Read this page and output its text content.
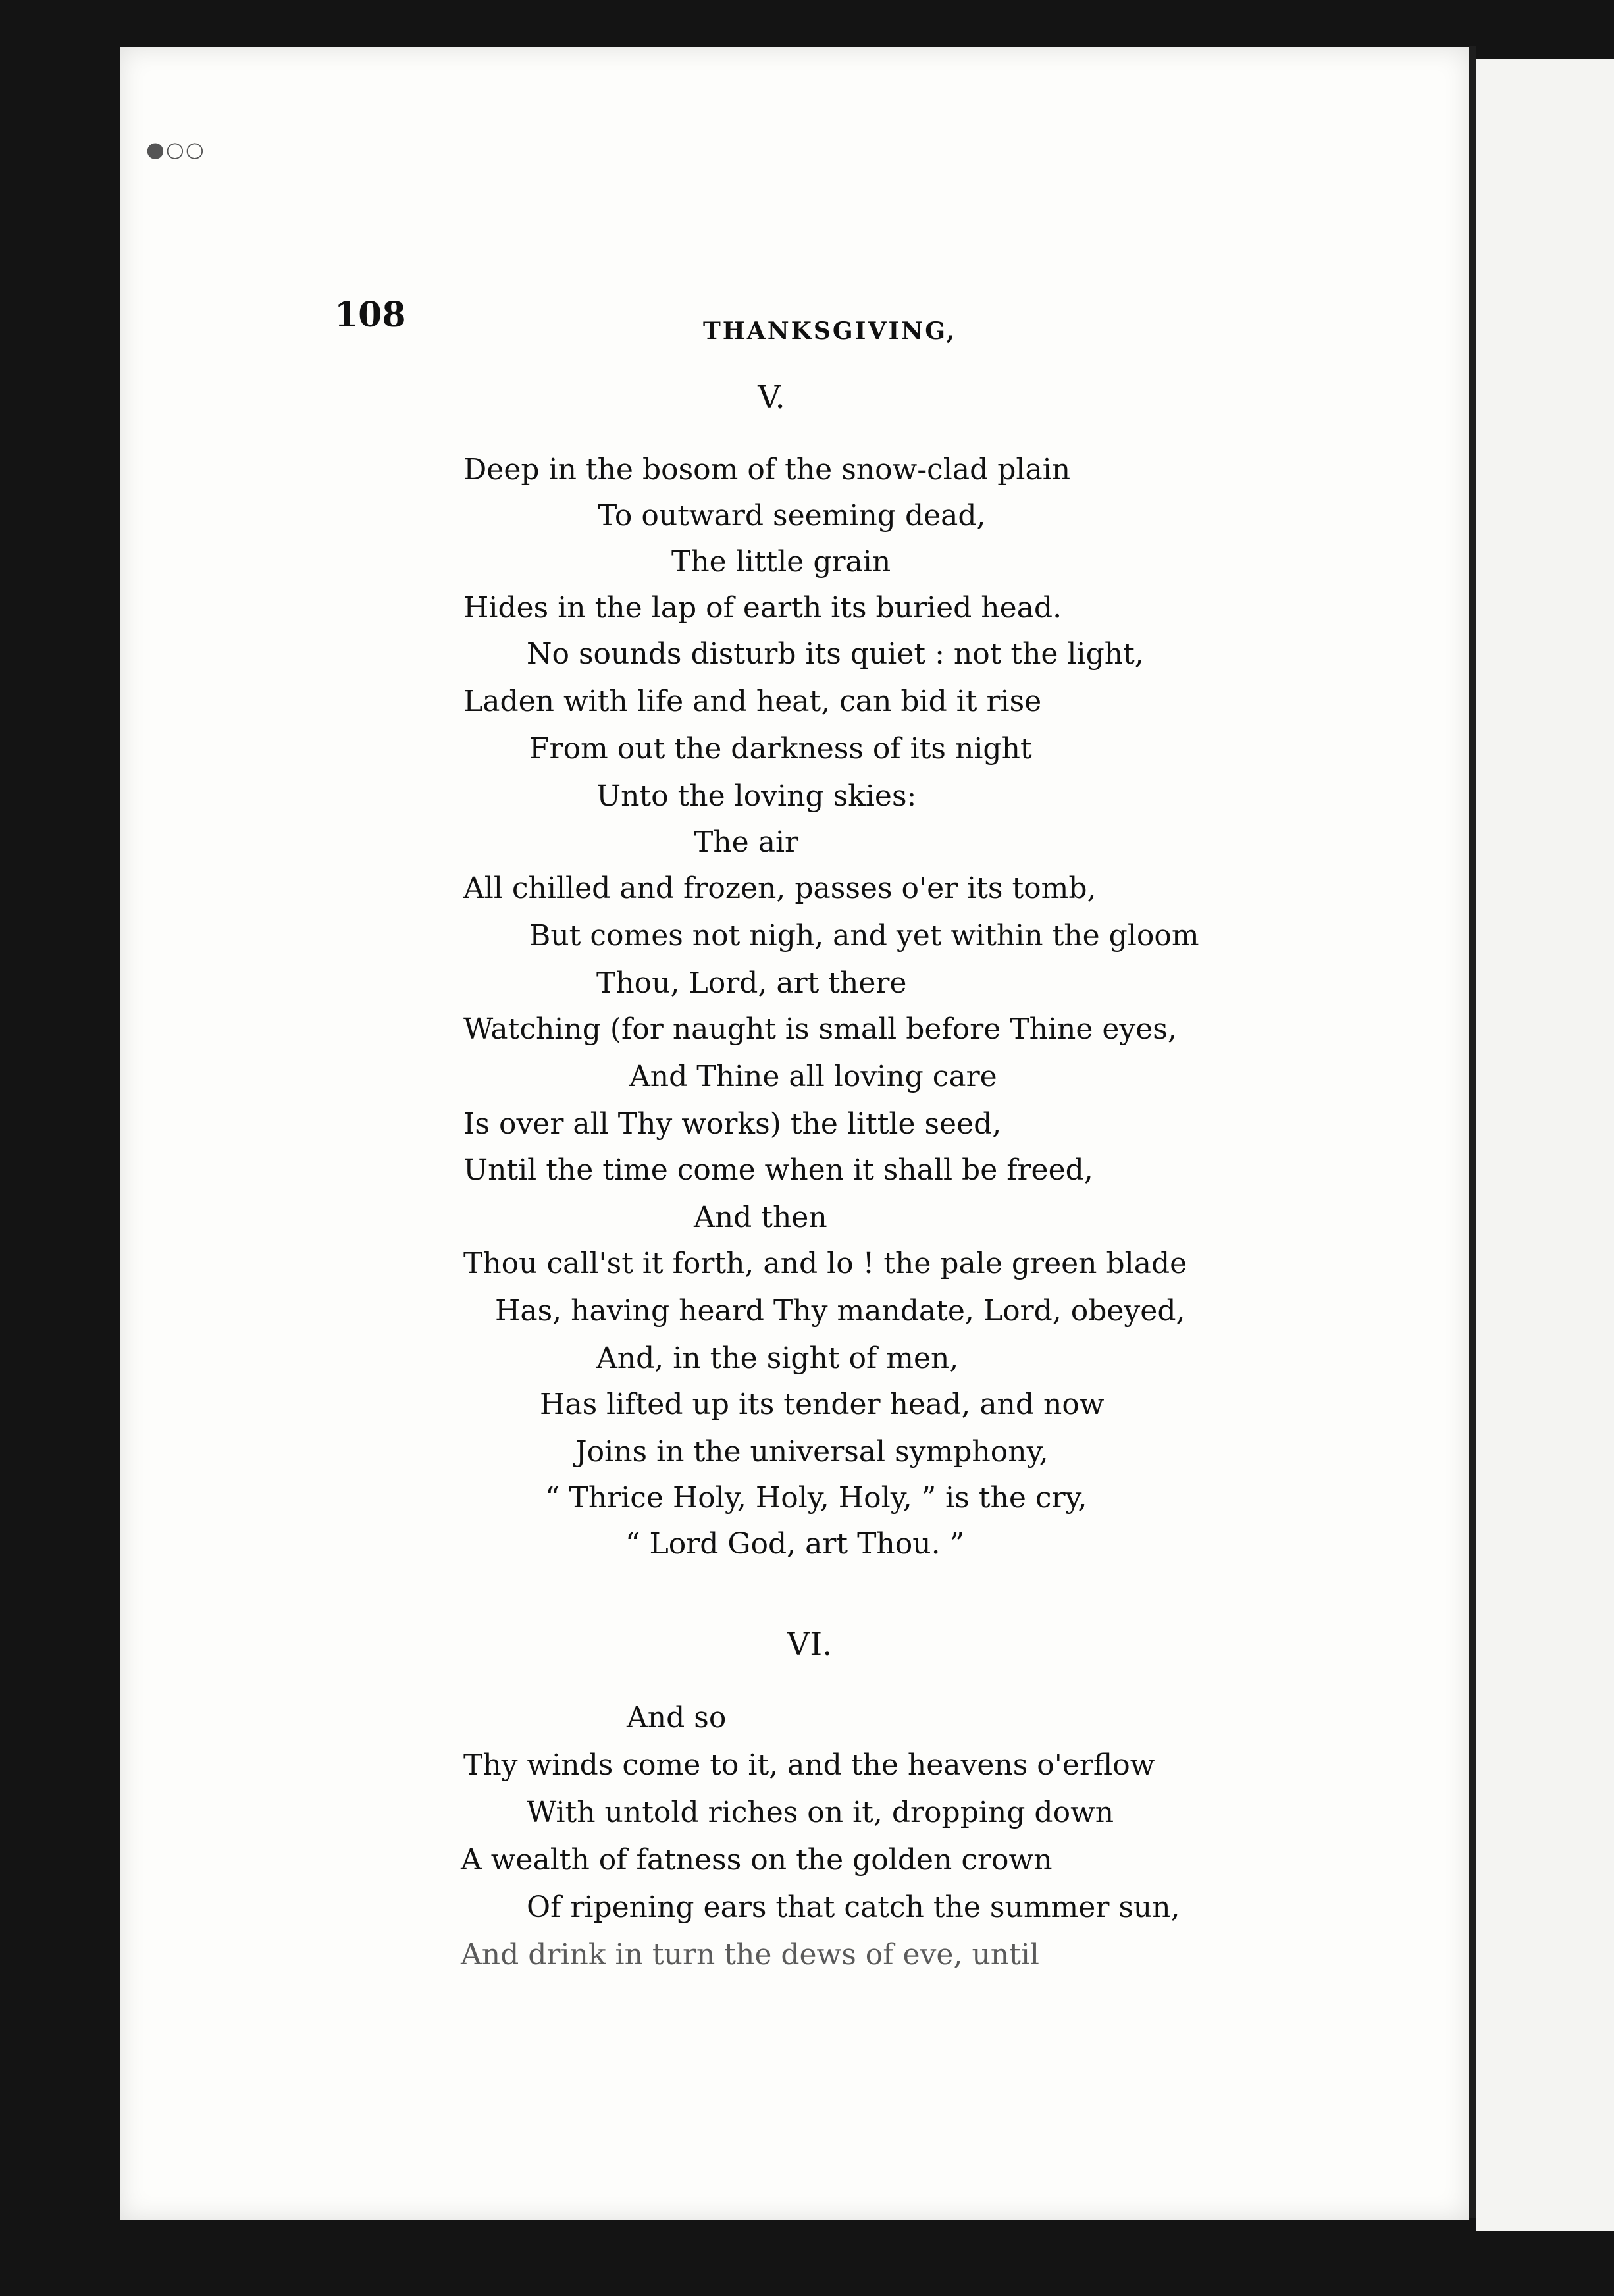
●○○
108	THANKSGIVING,
V.
Deep in the bosom of the snow-clad plain
To outward seeming dead,
The little grain
Hides in the lap of earth its buried head.
No sounds disturb its quiet : not the light,
Laden with life and heat, can bid it rise
From out the darkness of its night
Unto the loving skies:
The air
All chilled and frozen, passes o'er its tomb,
But comes not nigh, and yet within the gloom
Thou, Lord, art there
Watching (for naught is small before Thine eyes,
And Thine all loving care
Is over all Thy works) the little seed,
Until the time come when it shall be freed,
And then
Thou call'st it forth, and lo ! the pale green blade
Has, having heard Thy mandate, Lord, obeyed,
And, in the sight of men,
Has lifted up its tender head, and now
Joins in the universal symphony,
“ Thrice Holy, Holy, Holy, ” is the cry,
“ Lord God, art Thou. ”
VI.
And so
Thy winds come to it, and the heavens o'erflow
With untold riches on it, dropping down
A wealth of fatness on the golden crown
Of ripening ears that catch the summer sun,
And drink in turn the dews of eve, until
